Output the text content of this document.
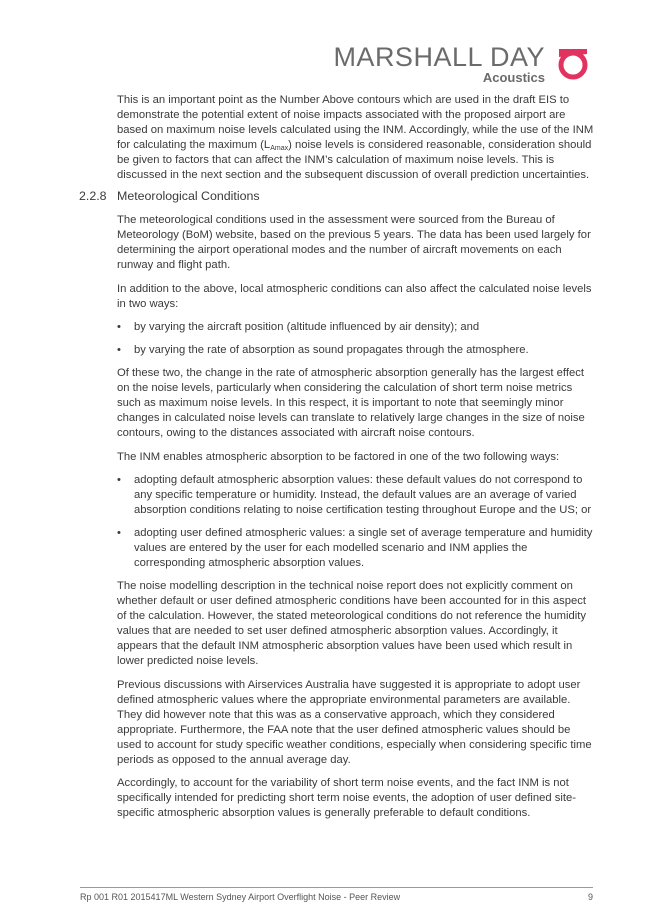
MARSHALL DAY
Acoustics

This is an important point as the Number Above contours which are used in the draft EIS to demonstrate the potential extent of noise impacts associated with the proposed airport are based on maximum noise levels calculated using the INM. Accordingly, while the use of the INM for calculating the maximum $(L_{Amax})$ noise levels is considered reasonable, consideration should be given to factors that can affect the INM’s calculation of maximum noise levels. This is discussed in the next section and the subsequent discussion of overall prediction uncertainties.

2.2.8 Meteorological Conditions

The meteorological conditions used in the assessment were sourced from the Bureau of Meteorology (BoM) website, based on the previous 5 years. The data has been used largely for determining the airport operational modes and the number of aircraft movements on each runway and flight path.

In addition to the above, local atmospheric conditions can also affect the calculated noise levels in two ways:

• by varying the aircraft position (altitude influenced by air density); and
• by varying the rate of absorption as sound propagates through the atmosphere.

Of these two, the change in the rate of atmospheric absorption generally has the largest effect on the noise levels, particularly when considering the calculation of short term noise metrics such as maximum noise levels. In this respect, it is important to note that seemingly minor changes in calculated noise levels can translate to relatively large changes in the size of noise contours, owing to the distances associated with aircraft noise contours.

The INM enables atmospheric absorption to be factored in one of the two following ways:

• adopting default atmospheric absorption values: these default values do not correspond to any specific temperature or humidity. Instead, the default values are an average of varied absorption conditions relating to noise certification testing throughout Europe and the US; or
• adopting user defined atmospheric values: a single set of average temperature and humidity values are entered by the user for each modelled scenario and INM applies the corresponding atmospheric absorption values.

The noise modelling description in the technical noise report does not explicitly comment on whether default or user defined atmospheric conditions have been accounted for in this aspect of the calculation. However, the stated meteorological conditions do not reference the humidity values that are needed to set user defined atmospheric absorption values. Accordingly, it appears that the default INM atmospheric absorption values have been used which result in lower predicted noise levels.

Previous discussions with Airservices Australia have suggested it is appropriate to adopt user defined atmospheric values where the appropriate environmental parameters are available. They did however note that this was as a conservative approach, which they considered appropriate. Furthermore, the FAA note that the user defined atmospheric values should be used to account for study specific weather conditions, especially when considering specific time periods as opposed to the annual average day.

Accordingly, to account for the variability of short term noise events, and the fact INM is not specifically intended for predicting short term noise events, the adoption of user defined site-specific atmospheric absorption values is generally preferable to default conditions.

Rp 001 R01 2015417ML Western Sydney Airport Overflight Noise - Peer Review	9
